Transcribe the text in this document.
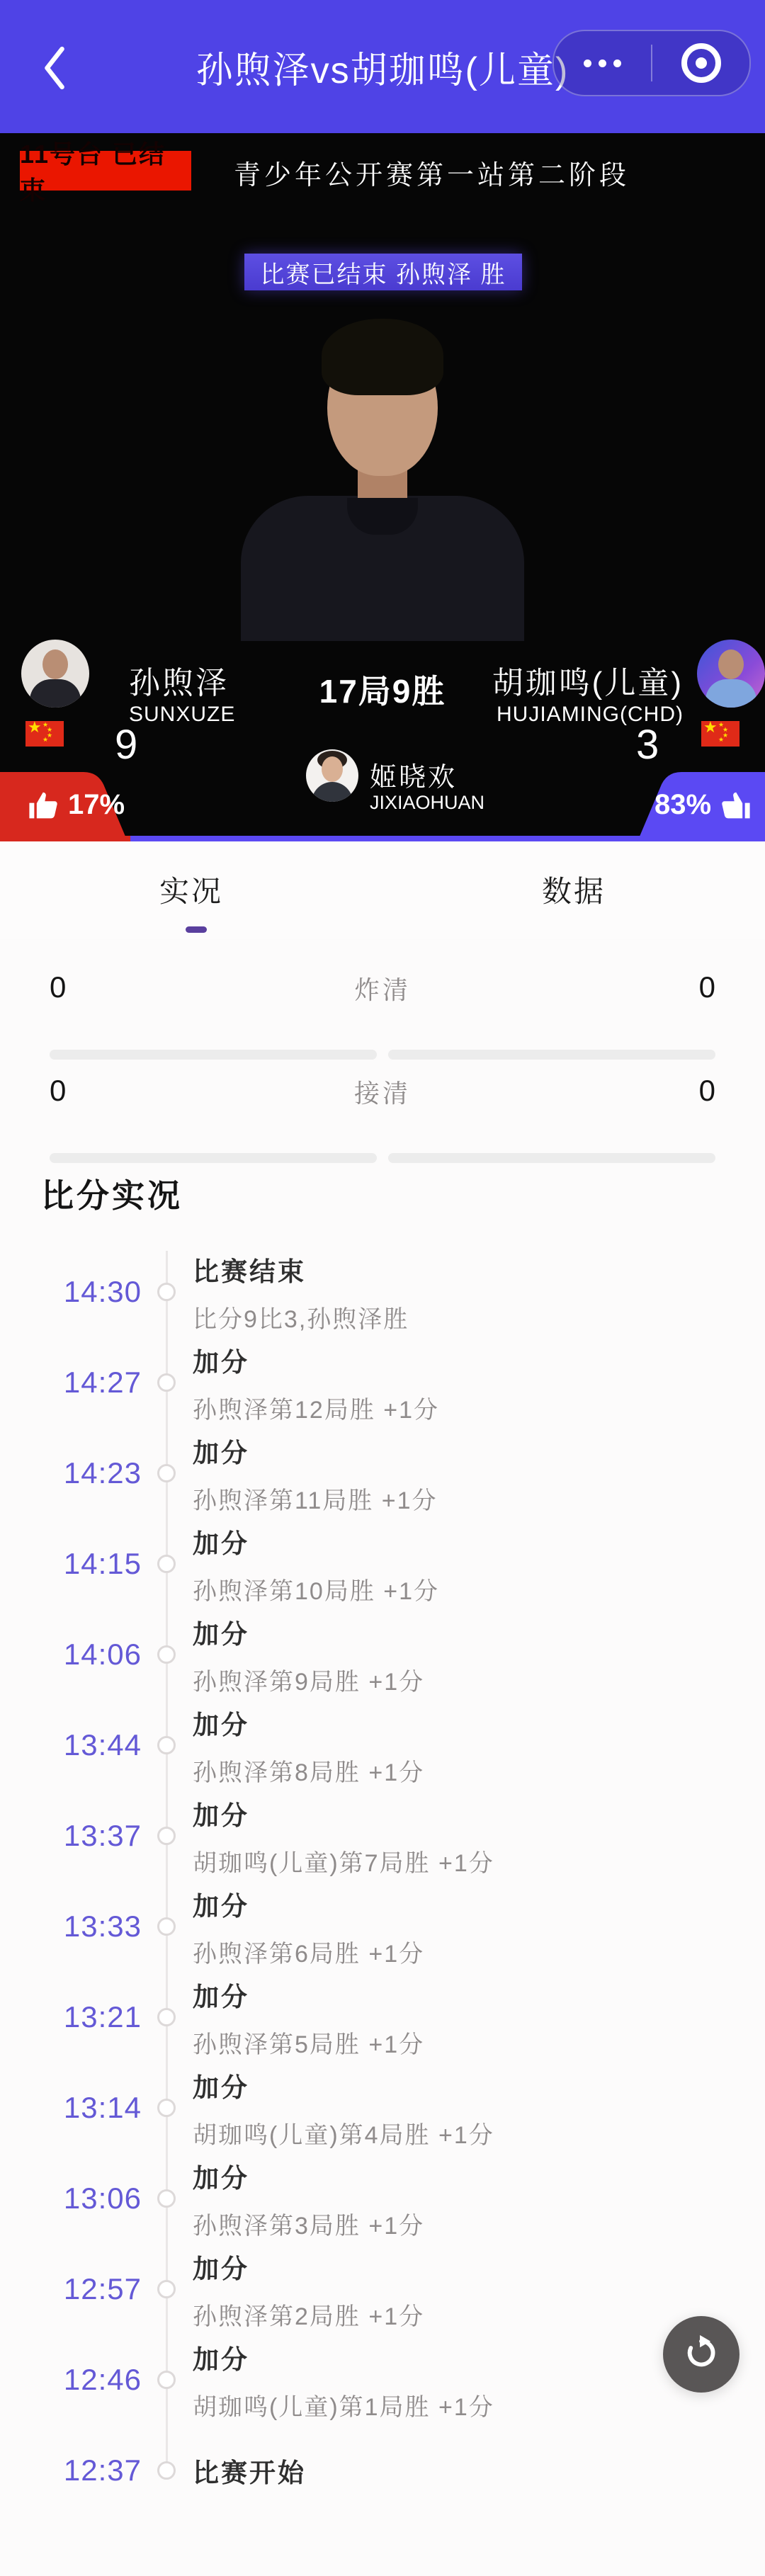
孙煦泽vs胡珈鸣(儿童)
11号台 已结束	青少年公开赛第一站第二阶段
比赛已结束 孙煦泽 胜
孙煦泽
SUNXUZE
★ ★
★
★
★ 9
17局9胜	胡珈鸣(儿童)
HUJIAMING(CHD)
★ ★
★
★
★
3
姬晓欢
JIXIAOHUAN
17%	83%
实况	数据
0	炸清	0
0	接清	0
比分实况
14:30
比赛结束
比分9比3,孙煦泽胜
14:27
加分
孙煦泽第12局胜 +1分
14:23
加分
孙煦泽第11局胜 +1分
14:15
加分
孙煦泽第10局胜 +1分
14:06
加分
孙煦泽第9局胜 +1分
13:44
加分
孙煦泽第8局胜 +1分
13:37
加分
胡珈鸣(儿童)第7局胜 +1分
13:33
加分
孙煦泽第6局胜 +1分
13:21
加分
孙煦泽第5局胜 +1分
13:14
加分
胡珈鸣(儿童)第4局胜 +1分
13:06
加分
孙煦泽第3局胜 +1分
12:57
加分
孙煦泽第2局胜 +1分
12:46
加分
胡珈鸣(儿童)第1局胜 +1分
12:37 比赛开始
